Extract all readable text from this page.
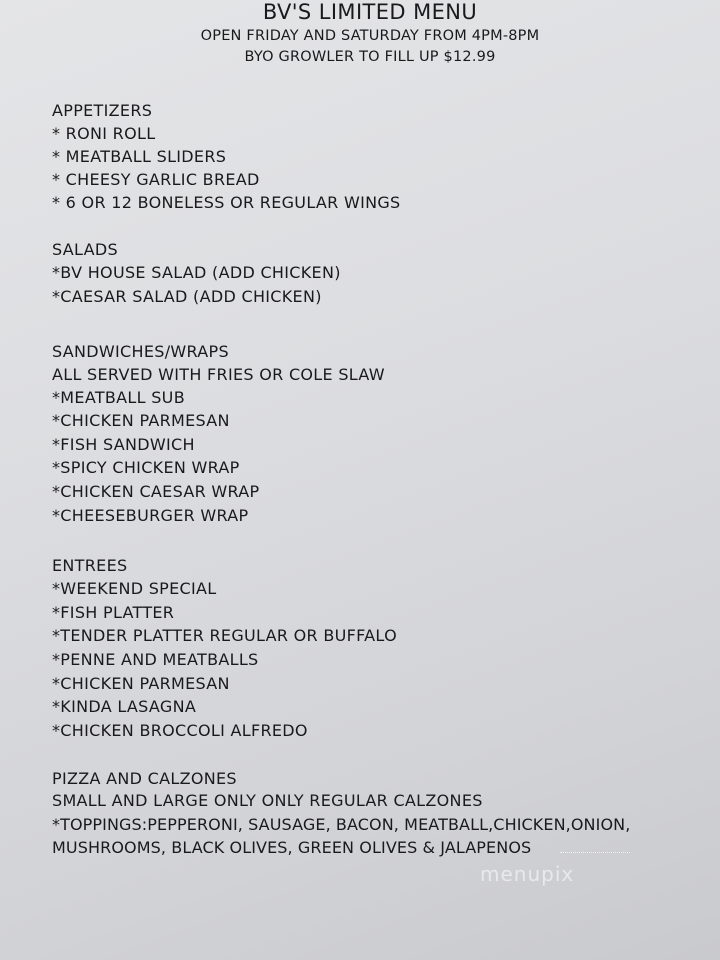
BV'S LIMITED MENU
OPEN FRIDAY AND SATURDAY FROM 4PM-8PM
BYO GROWLER TO FILL UP $12.99
APPETIZERS
* RONI ROLL
* MEATBALL SLIDERS
* CHEESY GARLIC BREAD
* 6 OR 12 BONELESS OR REGULAR WINGS
SALADS
*BV HOUSE SALAD (ADD CHICKEN)
*CAESAR SALAD (ADD CHICKEN)
SANDWICHES/WRAPS
ALL SERVED WITH FRIES OR COLE SLAW
*MEATBALL SUB
*CHICKEN PARMESAN
*FISH SANDWICH
*SPICY CHICKEN WRAP
*CHICKEN CAESAR WRAP
*CHEESEBURGER WRAP
ENTREES
*WEEKEND SPECIAL
*FISH PLATTER
*TENDER PLATTER REGULAR OR BUFFALO
*PENNE AND MEATBALLS
*CHICKEN PARMESAN
*KINDA LASAGNA
*CHICKEN BROCCOLI ALFREDO
PIZZA AND CALZONES
SMALL AND LARGE ONLY ONLY REGULAR CALZONES
*TOPPINGS:PEPPERONI, SAUSAGE, BACON, MEATBALL,CHICKEN,ONION,
MUSHROOMS, BLACK OLIVES, GREEN OLIVES & JALAPENOS
menupix
